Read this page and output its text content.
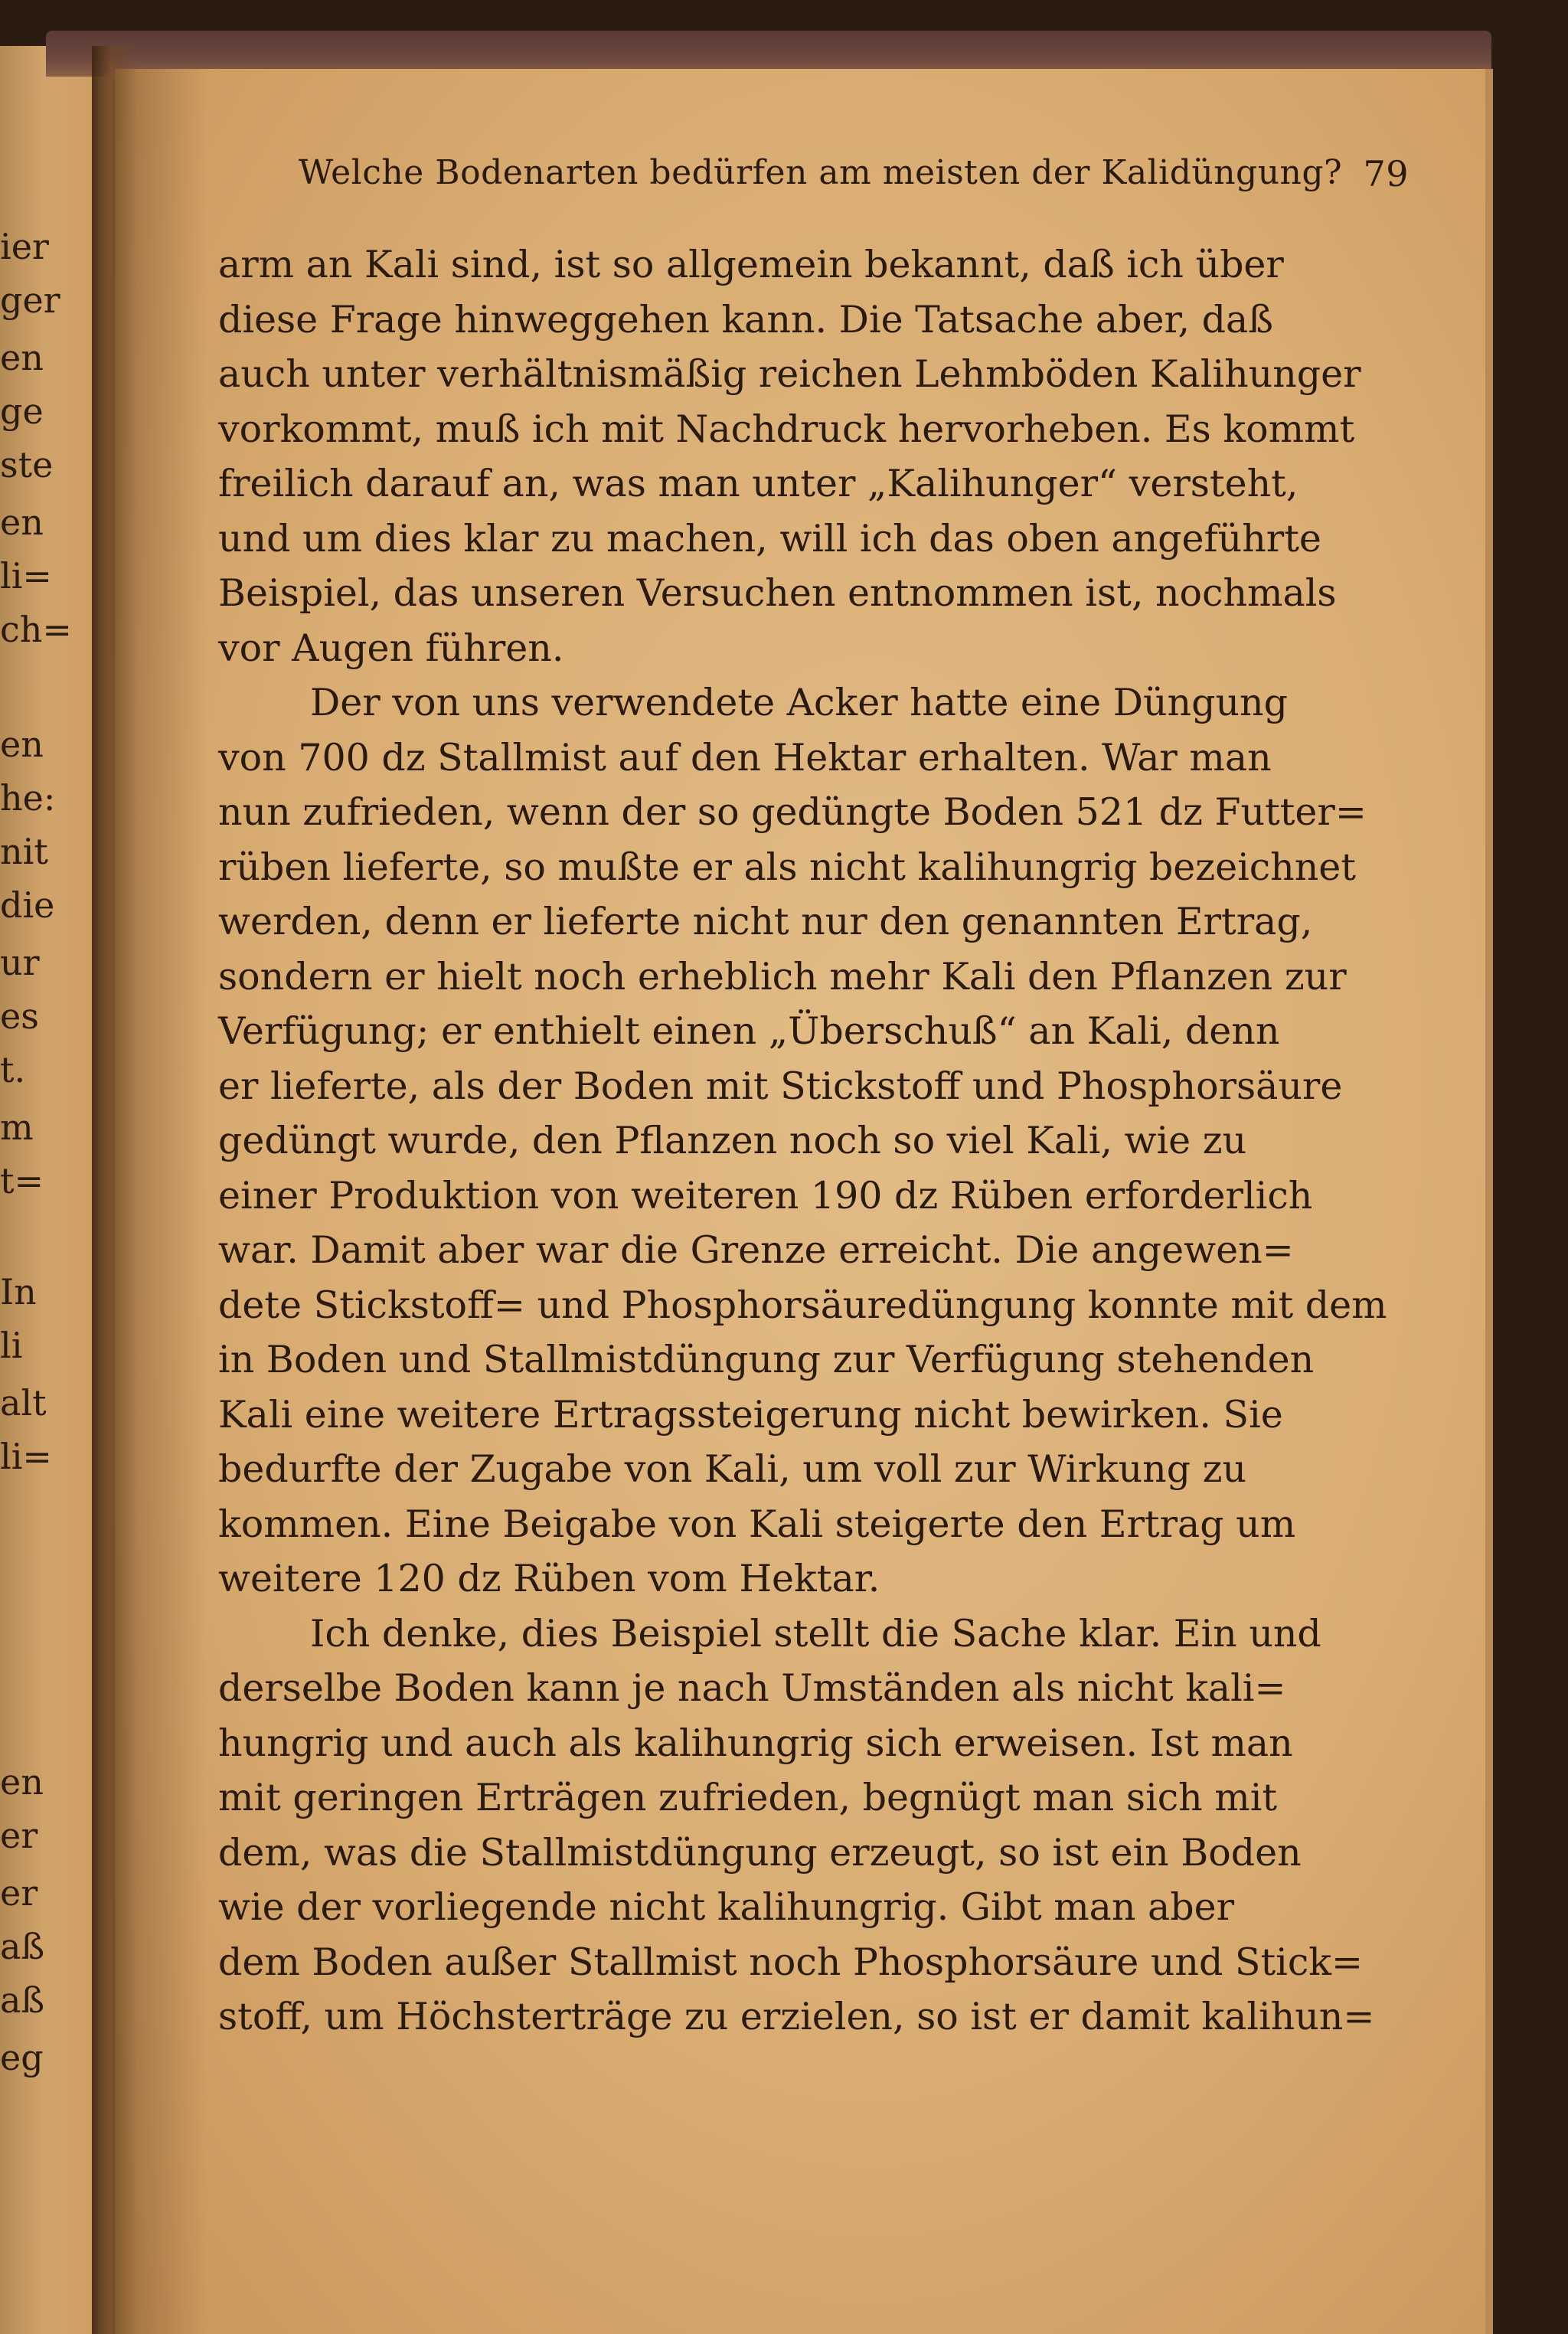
ier
ger
en
ge
ste
en
li=
ch=
en
he:
nit
die
ur
es
t.
m
t=
In
li
alt
li=
en
er
er
aß
aß
eg
Welche Bodenarten bedürfen am meisten der Kalidüngung? 79
arm an Kali sind, ist so allgemein bekannt, daß ich über
diese Frage hinweggehen kann. Die Tatsache aber, daß
auch unter verhältnismäßig reichen Lehmböden Kalihunger
vorkommt, muß ich mit Nachdruck hervorheben. Es kommt
freilich darauf an, was man unter „Kalihunger“ versteht,
und um dies klar zu machen, will ich das oben angeführte
Beispiel, das unseren Versuchen entnommen ist, nochmals
vor Augen führen.
Der von uns verwendete Acker hatte eine Düngung
von 700 dz Stallmist auf den Hektar erhalten. War man
nun zufrieden, wenn der so gedüngte Boden 521 dz Futter=
rüben lieferte, so mußte er als nicht kalihungrig bezeichnet
werden, denn er lieferte nicht nur den genannten Ertrag,
sondern er hielt noch erheblich mehr Kali den Pflanzen zur
Verfügung; er enthielt einen „Überschuß“ an Kali, denn
er lieferte, als der Boden mit Stickstoff und Phosphorsäure
gedüngt wurde, den Pflanzen noch so viel Kali, wie zu
einer Produktion von weiteren 190 dz Rüben erforderlich
war. Damit aber war die Grenze erreicht. Die angewen=
dete Stickstoff= und Phosphorsäuredüngung konnte mit dem
in Boden und Stallmistdüngung zur Verfügung stehenden
Kali eine weitere Ertragssteigerung nicht bewirken. Sie
bedurfte der Zugabe von Kali, um voll zur Wirkung zu
kommen. Eine Beigabe von Kali steigerte den Ertrag um
weitere 120 dz Rüben vom Hektar.
Ich denke, dies Beispiel stellt die Sache klar. Ein und
derselbe Boden kann je nach Umständen als nicht kali=
hungrig und auch als kalihungrig sich erweisen. Ist man
mit geringen Erträgen zufrieden, begnügt man sich mit
dem, was die Stallmistdüngung erzeugt, so ist ein Boden
wie der vorliegende nicht kalihungrig. Gibt man aber
dem Boden außer Stallmist noch Phosphorsäure und Stick=
stoff, um Höchsterträge zu erzielen, so ist er damit kalihun=
